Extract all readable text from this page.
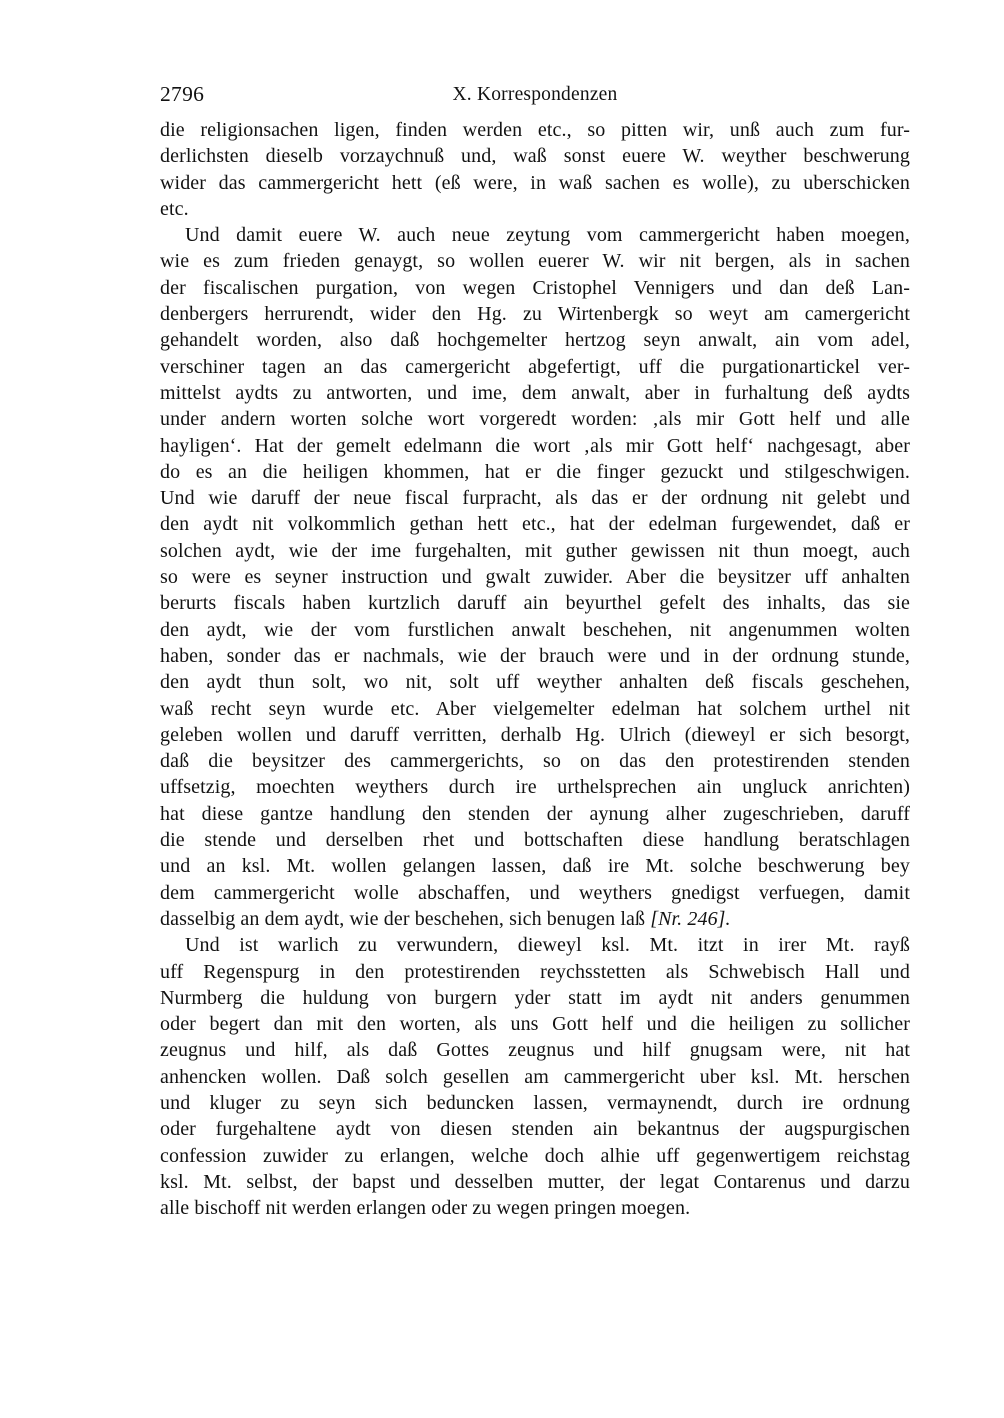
2796	X. Korrespondenzen
die religionsachen ligen, finden werden etc., so pitten wir, unß auch zum fur-
derlichsten dieselb vorzaychnuß und, waß sonst euere W. weyther beschwerung
wider das cammergericht hett (eß were, in waß sachen es wolle), zu uberschicken
etc.
Und damit euere W. auch neue zeytung vom cammergericht haben moegen,
wie es zum frieden genaygt, so wollen euerer W. wir nit bergen, als in sachen
der fiscalischen purgation, von wegen Cristophel Vennigers und dan deß Lan-
denbergers herrurendt, wider den Hg. zu Wirtenbergk so weyt am camergericht
gehandelt worden, also daß hochgemelter hertzog seyn anwalt, ain vom adel,
verschiner tagen an das camergericht abgefertigt, uff die purgationartickel ver-
mittelst aydts zu antworten, und ime, dem anwalt, aber in furhaltung deß aydts
under andern worten solche wort vorgeredt worden: ‚als mir Gott helf und alle
hayligen‘. Hat der gemelt edelmann die wort ‚als mir Gott helf‘ nachgesagt, aber
do es an die heiligen khommen, hat er die finger gezuckt und stilgeschwigen.
Und wie daruff der neue fiscal furpracht, als das er der ordnung nit gelebt und
den aydt nit volkommlich gethan hett etc., hat der edelman furgewendet, daß er
solchen aydt, wie der ime furgehalten, mit guther gewissen nit thun moegt, auch
so were es seyner instruction und gwalt zuwider. Aber die beysitzer uff anhalten
berurts fiscals haben kurtzlich daruff ain beyurthel gefelt des inhalts, das sie
den aydt, wie der vom furstlichen anwalt beschehen, nit angenummen wolten
haben, sonder das er nachmals, wie der brauch were und in der ordnung stunde,
den aydt thun solt, wo nit, solt uff weyther anhalten deß fiscals geschehen,
waß recht seyn wurde etc. Aber vielgemelter edelman hat solchem urthel nit
geleben wollen und daruff verritten, derhalb Hg. Ulrich (dieweyl er sich besorgt,
daß die beysitzer des cammergerichts, so on das den protestirenden stenden
uffsetzig, moechten weythers durch ire urthelsprechen ain ungluck anrichten)
hat diese gantze handlung den stenden der aynung alher zugeschrieben, daruff
die stende und derselben rhet und bottschaften diese handlung beratschlagen
und an ksl. Mt. wollen gelangen lassen, daß ire Mt. solche beschwerung bey
dem cammergericht wolle abschaffen, und weythers gnedigst verfuegen, damit
dasselbig an dem aydt, wie der beschehen, sich benugen laß [Nr. 246].
Und ist warlich zu verwundern, dieweyl ksl. Mt. itzt in irer Mt. rayß
uff Regenspurg in den protestirenden reychsstetten als Schwebisch Hall und
Nurmberg die huldung von burgern yder statt im aydt nit anders genummen
oder begert dan mit den worten, als uns Gott helf und die heiligen zu sollicher
zeugnus und hilf, als daß Gottes zeugnus und hilf gnugsam were, nit hat
anhencken wollen. Daß solch gesellen am cammergericht uber ksl. Mt. herschen
und kluger zu seyn sich beduncken lassen, vermaynendt, durch ire ordnung
oder furgehaltene aydt von diesen stenden ain bekantnus der augspurgischen
confession zuwider zu erlangen, welche doch alhie uff gegenwertigem reichstag
ksl. Mt. selbst, der bapst und desselben mutter, der legat Contarenus und darzu
alle bischoff nit werden erlangen oder zu wegen pringen moegen.
